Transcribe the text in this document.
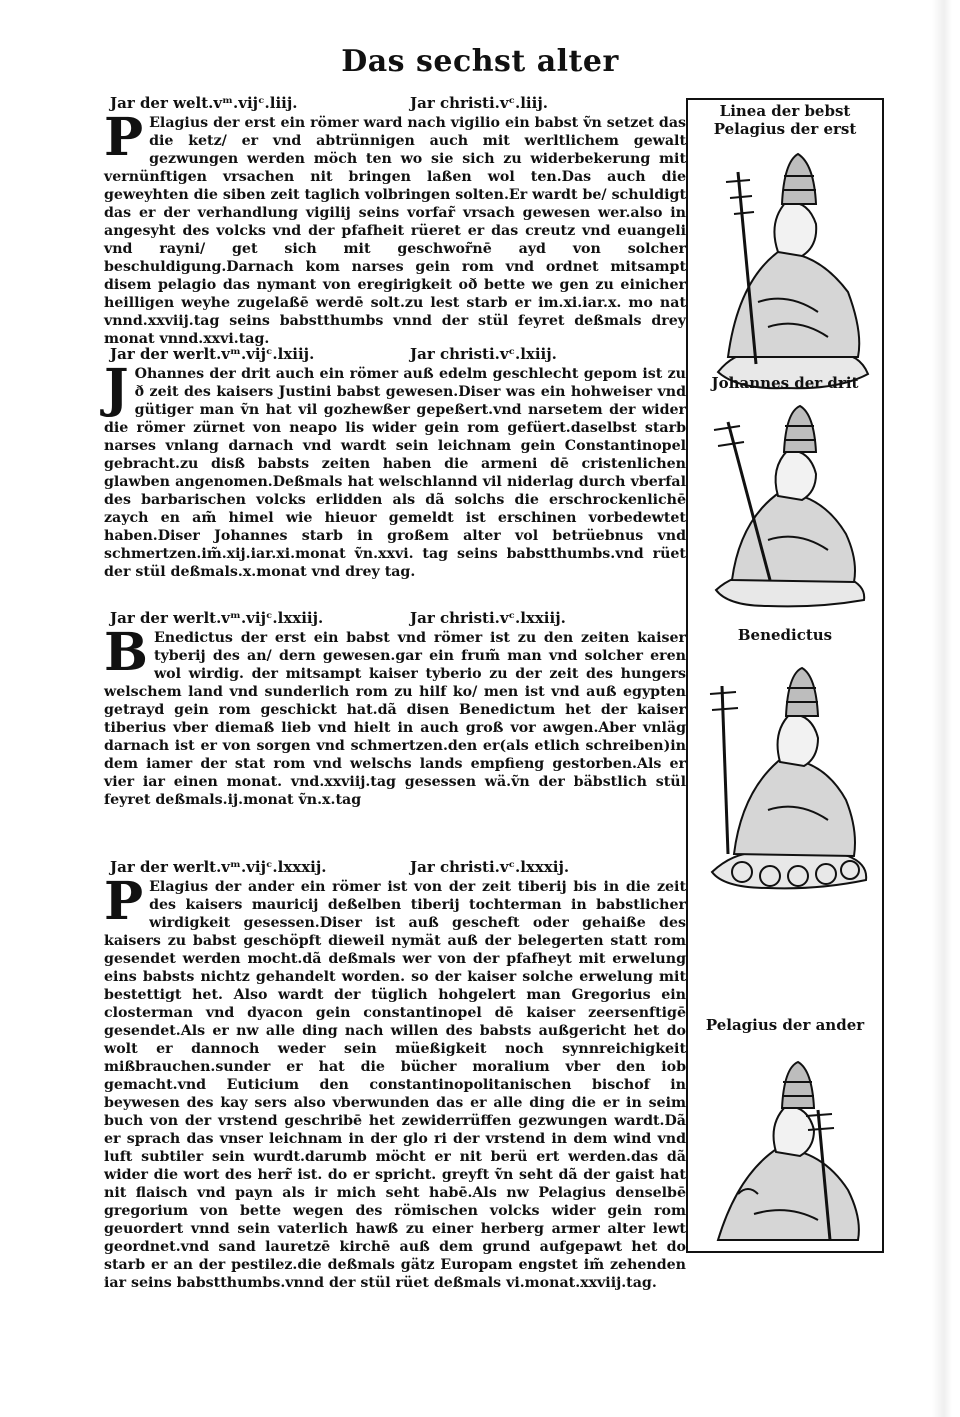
Das sechst alter
Jar der welt.vᵐ.vijᶜ.liij.	Jar christi.vᶜ.liij.

P Elagius der erst ein römer ward nach vigilio ein babst ṽn setzet das die ketz/ er vnd abtrünnigen auch mit werltlichem gewalt gezwungen werden möch ten wo sie sich zu widerbekerung mit vernünftigen vrsachen nit bringen laßen wol ten.Das auch die geweyhten die siben zeit taglich volbringen solten.Er wardt be/ schuldigt das er der verhandlung vigilij seins vorfar̃ vrsach gewesen wer.also in angesyht des volcks vnd der pfafheit rüeret er das creutz vnd euangeli vnd rayni/ get sich mit geschwor̃nē ayd von solcher beschuldigung.Darnach kom narses gein rom vnd ordnet mitsampt disem pelagio das nymant von eregirigkeit oð bette we gen zu einicher heilligen weyhe zugelaßē werdē solt.zu lest starb er im.xi.iar.x. mo nat vnnd.xxviij.tag seins babstthumbs vnnd der stül feyret deßmals drey monat vnnd.xxvi.tag.

Jar der werlt.vᵐ.vijᶜ.lxiij.	Jar christi.vᶜ.lxiij.

J Ohannes der drit auch ein römer auß edelm geschlecht gepom ist zu ð zeit des kaisers Justini babst gewesen.Diser was ein hohweiser vnd gütiger man ṽn hat vil gozhewßer gepeßert.vnd narsetem der wider die römer zürnet von neapo lis wider gein rom gefüert.daselbst starb narses vnlang darnach vnd wardt sein leichnam gein Constantinopel gebracht.zu disß babsts zeiten haben die armeni dē cristenlichen glawben angenomen.Deßmals hat welschlannd vil niderlag durch vberfal des barbarischen volcks erlidden als dã solchs die erschrockenlichē zaych en am̃ himel wie hieuor gemeldt ist erschinen vorbedewtet haben.Diser Johannes starb in großem alter vol betrüebnus vnd schmertzen.im̃.xij.iar.xi.monat ṽn.xxvi. tag seins babstthumbs.vnd rüet der stül deßmals.x.monat vnd drey tag.

Jar der werlt.vᵐ.vijᶜ.lxxiij.	Jar christi.vᶜ.lxxiij.

B Enedictus der erst ein babst vnd römer ist zu den zeiten kaiser tyberij des an/ dern gewesen.gar ein frum̃ man vnd solcher eren wol wirdig. der mitsampt kaiser tyberio zu der zeit des hungers welschem land vnd sunderlich rom zu hilf ko/ men ist vnd auß egypten getrayd gein rom geschickt hat.dã disen Benedictum het der kaiser tiberius vber diemaß lieb vnd hielt in auch groß vor awgen.Aber vnläg darnach ist er von sorgen vnd schmertzen.den er(als etlich schreiben)in dem iamer der stat rom vnd welschs lands empfieng gestorben.Als er vier iar einen monat. vnd.xxviij.tag gesessen wä.ṽn der bäbstlich stül feyret deßmals.ij.monat ṽn.x.tag

Jar der werlt.vᵐ.vijᶜ.lxxxij.	Jar christi.vᶜ.lxxxij.

P Elagius der ander ein römer ist von der zeit tiberij bis in die zeit des kaisers mauricij deßelben tiberij tochterman in babstlicher wirdigkeit gesessen.Diser ist auß gescheft oder gehaiße des kaisers zu babst geschöpft dieweil nymät auß der belegerten statt rom gesendet werden mocht.dã deßmals wer von der pfafheyt mit erwelung eins babsts nichtz gehandelt worden. so der kaiser solche erwelung mit bestettigt het. Also wardt der tüglich hohgelert man Gregorius ein closterman vnd dyacon gein constantinopel dē kaiser zeersenftigē gesendet.Als er nw alle ding nach willen des babsts außgericht het do wolt er dannoch weder sein müeßigkeit noch synnreichigkeit mißbrauchen.sunder er hat die bücher moralium vber den iob gemacht.vnd Euticium den constantinopolitanischen bischof in beywesen des kay sers also vberwunden das er alle ding die er in seim buch von der vrstend geschribē het zewiderrüffen gezwungen wardt.Dã er sprach das vnser leichnam in der glo ri der vrstend in dem wind vnd luft subtiler sein wurdt.darumb möcht er nit berü ert werden.das dã wider die wort des herr̃ ist. do er spricht. greyft ṽn seht dã der gaist hat nit flaisch vnd payn als ir mich seht habē.Als nw Pelagius denselbē gregorium von bette wegen des römischen volcks wider gein rom geuordert vnnd sein vaterlich hawß zu einer herberg armer alter lewt geordnet.vnd sand lauretzē kirchē auß dem grund aufgepawt het do starb er an der pestilez.die deßmals gätz Europam engstet im̃ zehenden iar seins babstthumbs.vnnd der stül rüet deßmals vi.monat.xxviij.tag.

Linea der bebst
Pelagius der erst
Johannes der drit
Benedictus
Pelagius der ander
